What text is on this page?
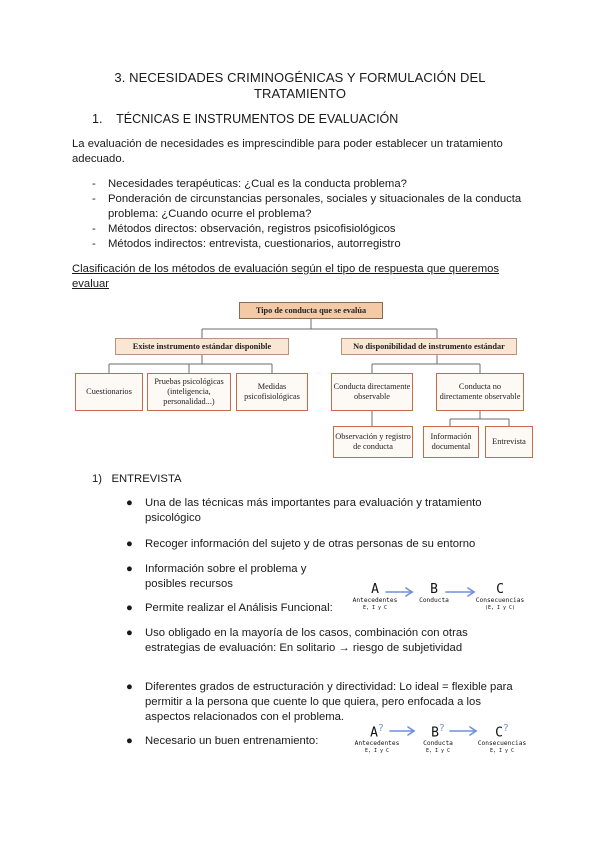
3. NECESIDADES CRIMINOGÉNICAS Y FORMULACIÓN DEL
TRATAMIENTO
1.    TÉCNICAS E INSTRUMENTOS DE EVALUACIÓN
La evaluación de necesidades es imprescindible para poder establecer un tratamiento adecuado.
- Necesidades terapéuticas: ¿Cual es la conducta problema?
- Ponderación de circunstancias personales, sociales y situacionales de la conducta problema: ¿Cuando ocurre el problema?
- Métodos directos: observación, registros psicofisiológicos
- Métodos indirectos: entrevista, cuestionarios, autorregistro
Clasificación de los métodos de evaluación según el tipo de respuesta que queremos
evaluar
Tipo de conducta que se evalúa
Existe instrumento estándar disponible	No disponibilidad de instrumento estándar
Cuestionarios
Pruebas psicológicas (inteligencia, personalidad...)
Medidas psicofisiológicas
Conducta directamente observable
Conducta no directamente observable
Observación y registro de conducta
Información documental
Entrevista
1)   ENTREVISTA
● Una de las técnicas más importantes para evaluación y tratamiento psicológico
● Recoger información del sujeto y de otras personas de su entorno
● Información sobre el problema y posibles recursos
● Permite realizar el Análisis Funcional:
● Uso obligado en la mayoría de los casos, combinación con otras estrategias de evaluación: En solitario → riesgo de subjetividad
● Diferentes grados de estructuración y directividad: Lo ideal = flexible para permitir a la persona que cuente lo que quiera, pero enfocada a los aspectos relacionados con el problema.
● Necesario un buen entrenamiento:
A
Antecedentes
E, I y C
B
Conducta
C
Consecuencias
(E, I y C)
A?
Antecedentes
E, I y C
B?
Conducta
E, I y C
C?
Consecuencias
E, I y C
